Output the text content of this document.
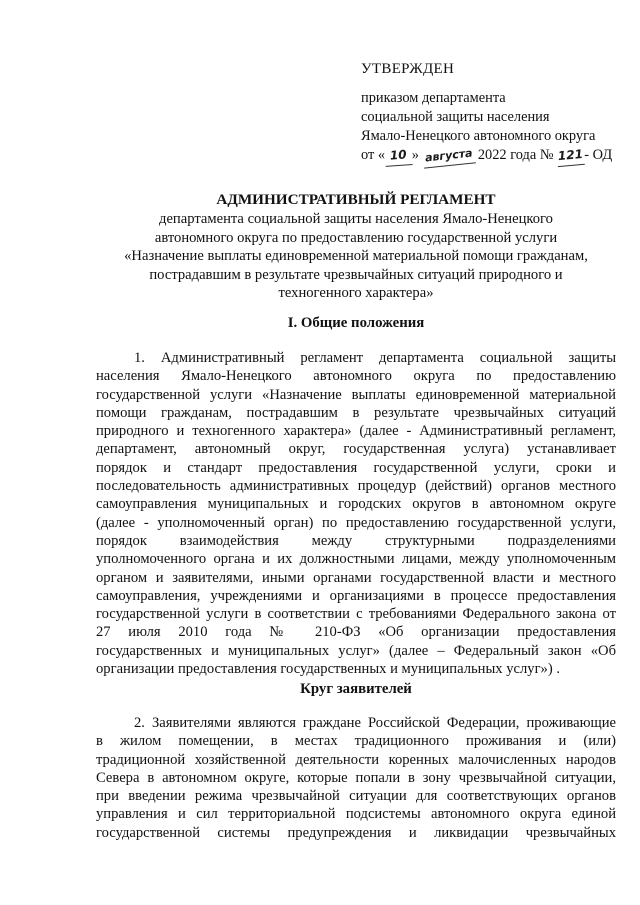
УТВЕРЖДЕН
приказом департамента
социальной защиты населения
Ямало-Ненецкого автономного округа
от « 10 » августа 2022 года № 121- ОД
АДМИНИСТРАТИВНЫЙ РЕГЛАМЕНТ
департамента социальной защиты населения Ямало-Ненецкого
автономного округа по предоставлению государственной услуги
«Назначение выплаты единовременной материальной помощи гражданам,
пострадавшим в результате чрезвычайных ситуаций природного и
техногенного характера»
I. Общие положения
1. Административный регламент департамента социальной защиты
населения Ямало-Ненецкого автономного округа по предоставлению
государственной услуги «Назначение выплаты единовременной материальной
помощи гражданам, пострадавшим в результате чрезвычайных ситуаций
природного и техногенного характера» (далее - Административный регламент,
департамент, автономный округ, государственная услуга) устанавливает
порядок и стандарт предоставления государственной услуги, сроки и
последовательность административных процедур (действий) органов местного
самоуправления муниципальных и городских округов в автономном округе
(далее - уполномоченный орган) по предоставлению государственной услуги,
порядок взаимодействия между структурными подразделениями
уполномоченного органа и их должностными лицами, между уполномоченным
органом и заявителями, иными органами государственной власти и местного
самоуправления, учреждениями и организациями в процессе предоставления
государственной услуги в соответствии с требованиями Федерального закона от
27 июля 2010 года № 210-ФЗ «Об организации предоставления
государственных и муниципальных услуг» (далее – Федеральный закон «Об
организации предоставления государственных и муниципальных услуг») .
Круг заявителей
2. Заявителями являются граждане Российской Федерации, проживающие
в жилом помещении, в местах традиционного проживания и (или)
традиционной хозяйственной деятельности коренных малочисленных народов
Севера в автономном округе, которые попали в зону чрезвычайной ситуации,
при введении режима чрезвычайной ситуации для соответствующих органов
управления и сил территориальной подсистемы автономного округа единой
государственной системы предупреждения и ликвидации чрезвычайных
